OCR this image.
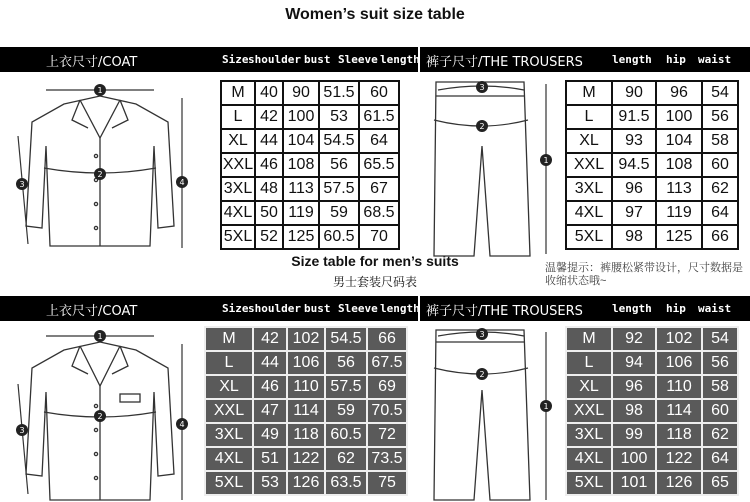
Women’s suit size table
Size table for men’s suits
男士套装尺码表
上衣尺寸/COAT	Size shoulder bust Sleeve length 裤子尺寸/THE TROUSERS	length hip waist
上衣尺寸/COAT	Size shoulder bust Sleeve length 裤子尺寸/THE TROUSERS	length hip waist
M	40	90	51.5	60
L	42	100	53	61.5
XL	44	104	54.5	64
XXL	46	108	56	65.5
3XL	48	113	57.5	67
4XL	50	119	59	68.5
5XL	52	125	60.5	70
M	90	96	54
L	91.5	100	56
XL	93	104	58
XXL	94.5	108	60
3XL	96	113	62
4XL	97	119	64
5XL	98	125	66
M	42	102	54.5	66
L	44	106	56	67.5
XL	46	110	57.5	69
XXL	47	114	59	70.5
3XL	49	118	60.5	72
4XL	51	122	62	73.5
5XL	53	126	63.5	75
M	92	102	54
L	94	106	56
XL	96	110	58
XXL	98	114	60
3XL	99	118	62
4XL	100	122	64
5XL	101	126	65
温馨提示：裤腰松紧带设计，尺寸数据是收缩状态哦~
1
2
3	4
3
2
1
1
2
3
4
3
2
1
